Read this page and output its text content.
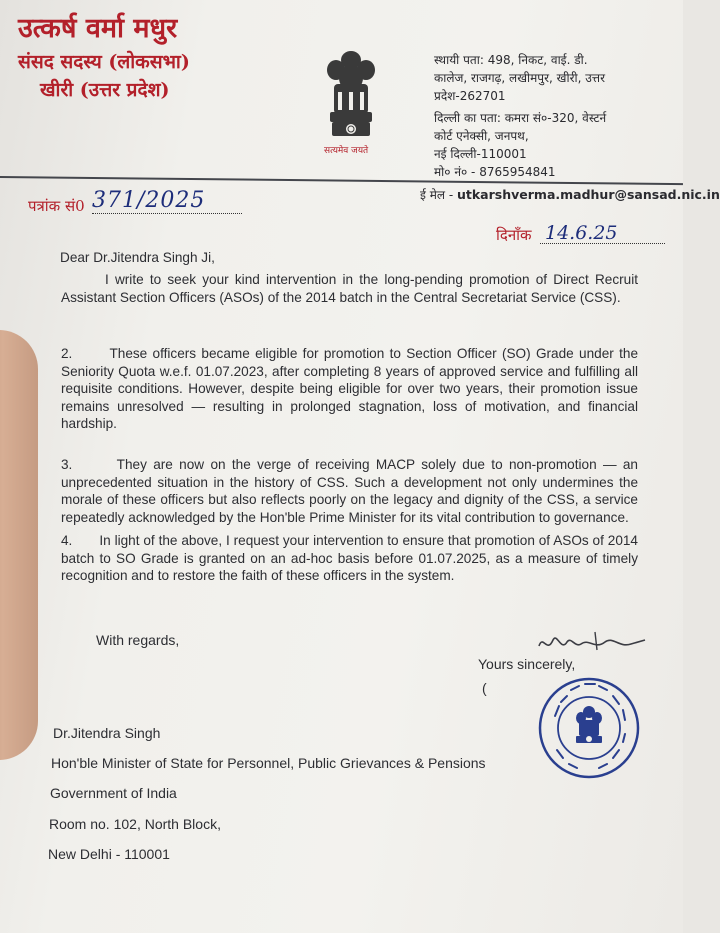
उत्कर्ष वर्मा मधुर
संसद सदस्य (लोकसभा)
खीरी (उत्तर प्रदेश)
सत्यमेव जयते
स्थायी पता: 498, निकट, वाई. डी.
कालेज, राजगढ़, लखीमपुर, खीरी, उत्तर
प्रदेश-262701
दिल्ली का पता: कमरा सं०-320, वेस्टर्न
कोर्ट एनेक्सी, जनपथ,
नई दिल्ली-110001
मो० नं० - 8765954841
ई मेल - utkarshverma.madhur@sansad.nic.in
पत्रांक सं0 371/2025
दिनाँक 14.6.25
Dear Dr.Jitendra Singh Ji,
I write to seek your kind intervention in the long-pending promotion of Direct Recruit Assistant Section Officers (ASOs) of the 2014 batch in the Central Secretariat Service (CSS).
2.	These officers became eligible for promotion to Section Officer (SO) Grade under the Seniority Quota w.e.f. 01.07.2023, after completing 8 years of approved service and fulfilling all requisite conditions. However, despite being eligible for over two years, their promotion issue remains unresolved — resulting in prolonged stagnation, loss of motivation, and financial hardship.
3.	They are now on the verge of receiving MACP solely due to non-promotion — an unprecedented situation in the history of CSS. Such a development not only undermines the morale of these officers but also reflects poorly on the legacy and dignity of the CSS, a service repeatedly acknowledged by the Hon'ble Prime Minister for its vital contribution to governance.
4. In light of the above, I request your intervention to ensure that promotion of ASOs of 2014 batch to SO Grade is granted on an ad-hoc basis before 01.07.2025, as a measure of timely recognition and to restore the faith of these officers in the system.
With regards,
Yours sincerely,
(
Dr.Jitendra Singh
Hon'ble Minister of State for Personnel, Public Grievances & Pensions
Government of India
Room no. 102, North Block,
New Delhi - 110001
